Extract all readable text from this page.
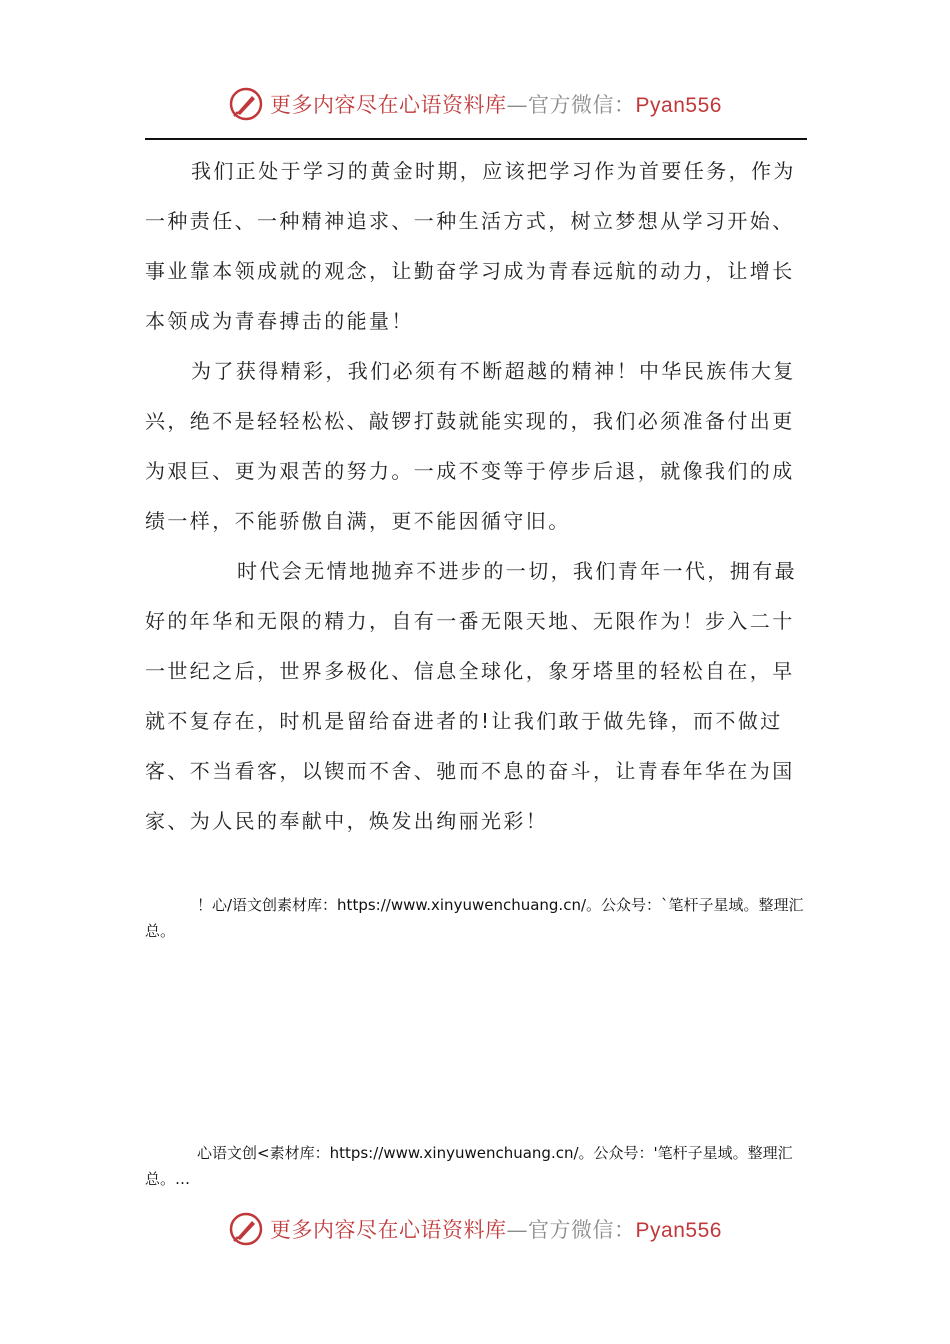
更多内容尽在心语资料库—官方微信：Pyan556

我们正处于学习的黄金时期，应该把学习作为首要任务，作为一种责任、一种精神追求、一种生活方式，树立梦想从学习开始、事业靠本领成就的观念，让勤奋学习成为青春远航的动力，让增长本领成为青春搏击的能量！

为了获得精彩，我们必须有不断超越的精神！中华民族伟大复兴，绝不是轻轻松松、敲锣打鼓就能实现的，我们必须准备付出更为艰巨、更为艰苦的努力。一成不变等于停步后退，就像我们的成绩一样，不能骄傲自满，更不能因循守旧。

时代会无情地抛弃不进步的一切，我们青年一代，拥有最好的年华和无限的精力，自有一番无限天地、无限作为！步入二十一世纪之后，世界多极化、信息全球化，象牙塔里的轻松自在，早就不复存在，时机是留给奋进者的!让我们敢于做先锋，而不做过客、不当看客，以锲而不舍、驰而不息的奋斗，让青春年华在为国家、为人民的奉献中，焕发出绚丽光彩！

！心/语文创素材库：https://www.xinyuwenchuang.cn/。公众号：`笔杆子星域。整理汇总。
心语文创<素材库：https://www.xinyuwenchuang.cn/。公众号：'笔杆子星域。整理汇总。…
更多内容尽在心语资料库—官方微信：Pyan556
